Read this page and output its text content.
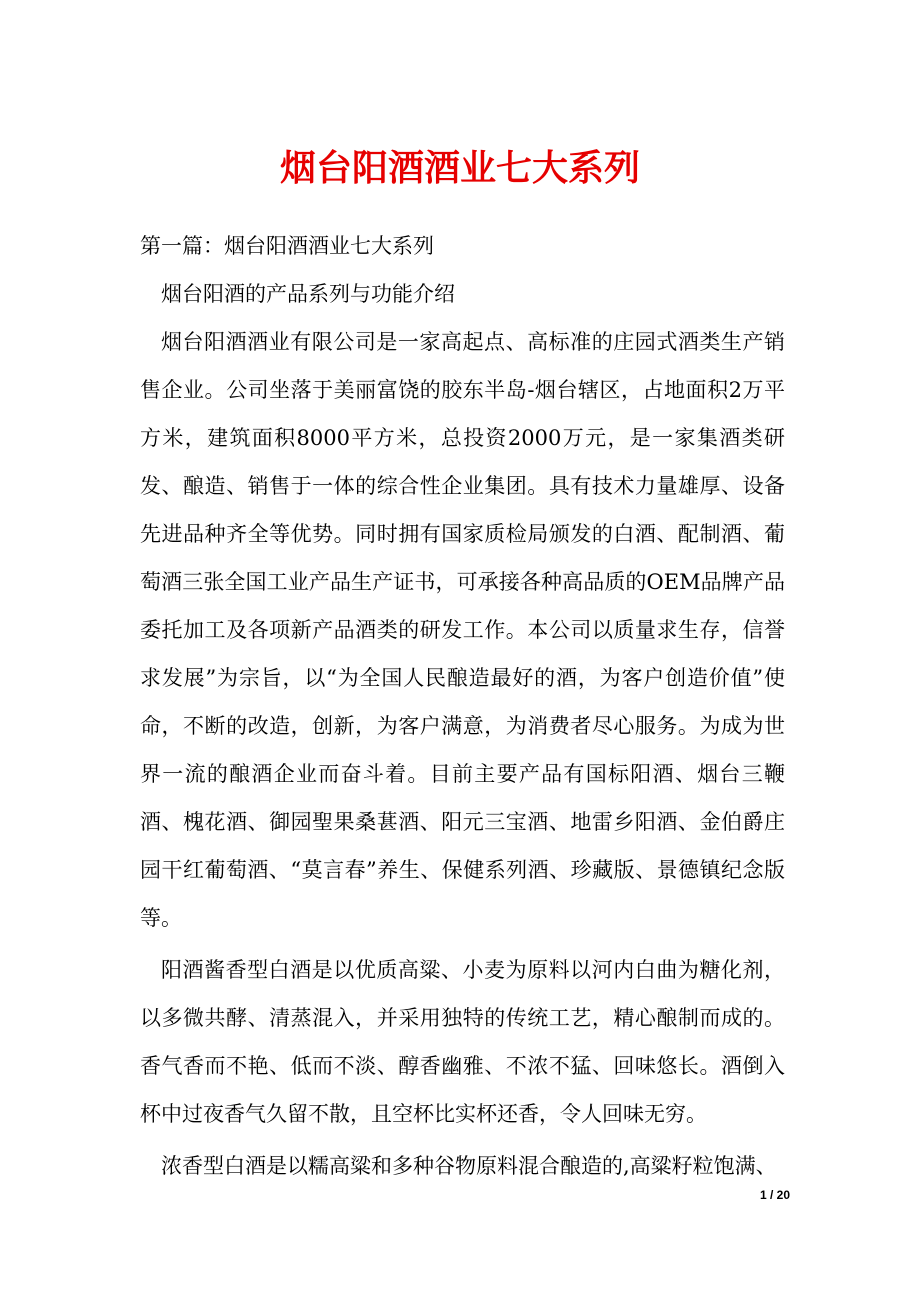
烟台阳酒酒业七大系列

第一篇：烟台阳酒酒业七大系列

烟台阳酒的产品系列与功能介绍

烟台阳酒酒业有限公司是一家高起点、高标准的庄园式酒类生产销售企业。公司坐落于美丽富饶的胶东半岛-烟台辖区，占地面积2万平方米，建筑面积8000平方米，总投资2000万元，是一家集酒类研发、酿造、销售于一体的综合性企业集团。具有技术力量雄厚、设备先进品种齐全等优势。同时拥有国家质检局颁发的白酒、配制酒、葡萄酒三张全国工业产品生产证书，可承接各种高品质的OEM品牌产品委托加工及各项新产品酒类的研发工作。本公司以质量求生存，信誉求发展”为宗旨，以“为全国人民酿造最好的酒，为客户创造价值”使命，不断的改造，创新，为客户满意，为消费者尽心服务。为成为世界一流的酿酒企业而奋斗着。目前主要产品有国标阳酒、烟台三鞭酒、槐花酒、御园聖果桑葚酒、阳元三宝酒、地雷乡阳酒、金伯爵庄园干红葡萄酒、“莫言春”养生、保健系列酒、珍藏版、景德镇纪念版等。

阳酒酱香型白酒是以优质高粱、小麦为原料以河内白曲为糖化剂，以多微共酵、清蒸混入，并采用独特的传统工艺，精心酿制而成的。香气香而不艳、低而不淡、醇香幽雅、不浓不猛、回味悠长。酒倒入杯中过夜香气久留不散，且空杯比实杯还香，令人回味无穷。

浓香型白酒是以糯高粱和多种谷物原料混合酿造的,高粱籽粒饱满、

1 / 20
